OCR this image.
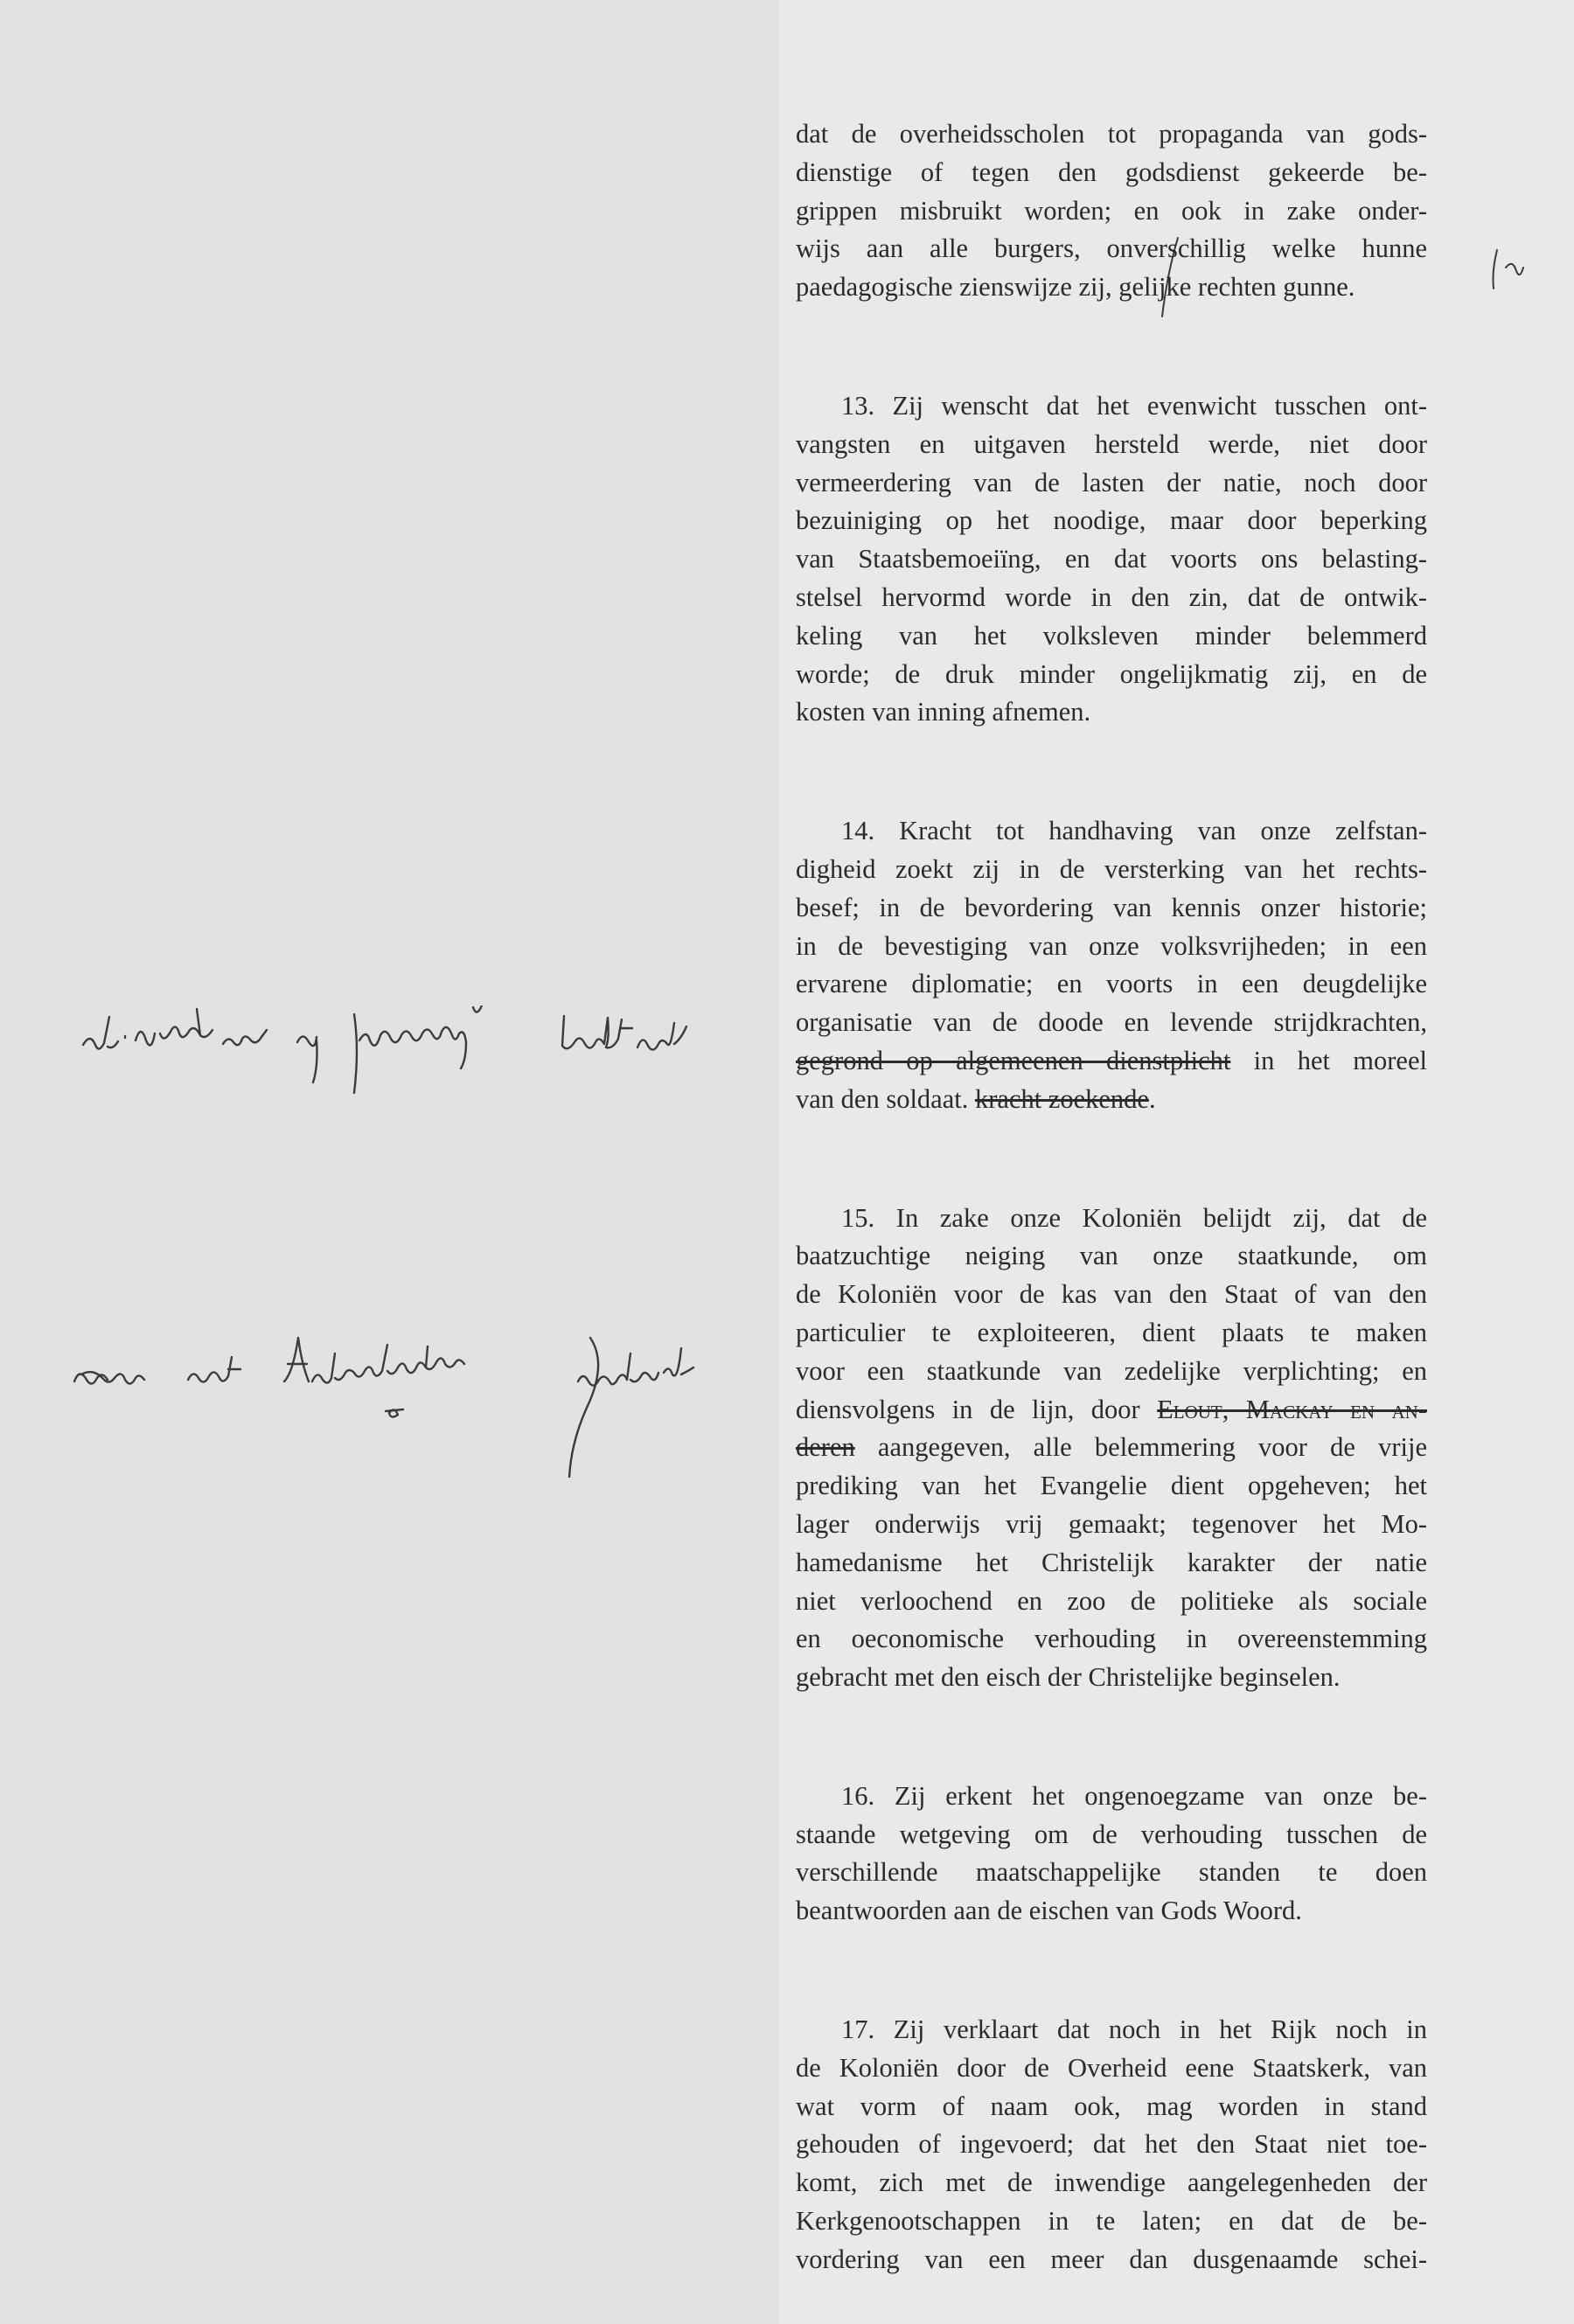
dat de overheidsscholen tot propaganda van gods-

dienstige of tegen den godsdienst gekeerde be-

grippen misbruikt worden; en ook in zake onder-

wijs aan alle burgers, onverschillig welke hunne

paedagogische zienswijze zij, gelijke rechten gunne.

13. Zij wenscht dat het evenwicht tusschen ont-

vangsten en uitgaven hersteld werde, niet door

vermeerdering van de lasten der natie, noch door

bezuiniging op het noodige, maar door beperking

van Staatsbemoeiïng, en dat voorts ons belasting-

stelsel hervormd worde in den zin, dat de ontwik-

keling van het volksleven minder belemmerd

worde; de druk minder ongelijkmatig zij, en de

kosten van inning afnemen.

14. Kracht tot handhaving van onze zelfstan-

digheid zoekt zij in de versterking van het rechts-

besef; in de bevordering van kennis onzer historie;

in de bevestiging van onze volksvrijheden; in een

ervarene diplomatie; en voorts in een deugdelijke

organisatie van de doode en levende strijdkrachten,

gegrond op algemeenen dienstplicht in het moreel

van den soldaat. kracht zoekende.

15. In zake onze Koloniën belijdt zij, dat de

baatzuchtige neiging van onze staatkunde, om

de Koloniën voor de kas van den Staat of van den

particulier te exploiteeren, dient plaats te maken

voor een staatkunde van zedelijke verplichting; en

diensvolgens in de lijn, door Elout, Mackay en an-

deren aangegeven, alle belemmering voor de vrije

prediking van het Evangelie dient opgeheven; het

lager onderwijs vrij gemaakt; tegenover het Mo-

hamedanisme het Christelijk karakter der natie

niet verloochend en zoo de politieke als sociale

en oeconomische verhouding in overeenstemming

gebracht met den eisch der Christelijke beginselen.

16. Zij erkent het ongenoegzame van onze be-

staande wetgeving om de verhouding tusschen de

verschillende maatschappelijke standen te doen

beantwoorden aan de eischen van Gods Woord.

17. Zij verklaart dat noch in het Rijk noch in

de Koloniën door de Overheid eene Staatskerk, van

wat vorm of naam ook, mag worden in stand

gehouden of ingevoerd; dat het den Staat niet toe-

komt, zich met de inwendige aangelegenheden der

Kerkgenootschappen in te laten; en dat de be-

vordering van een meer dan dusgenaamde schei-
